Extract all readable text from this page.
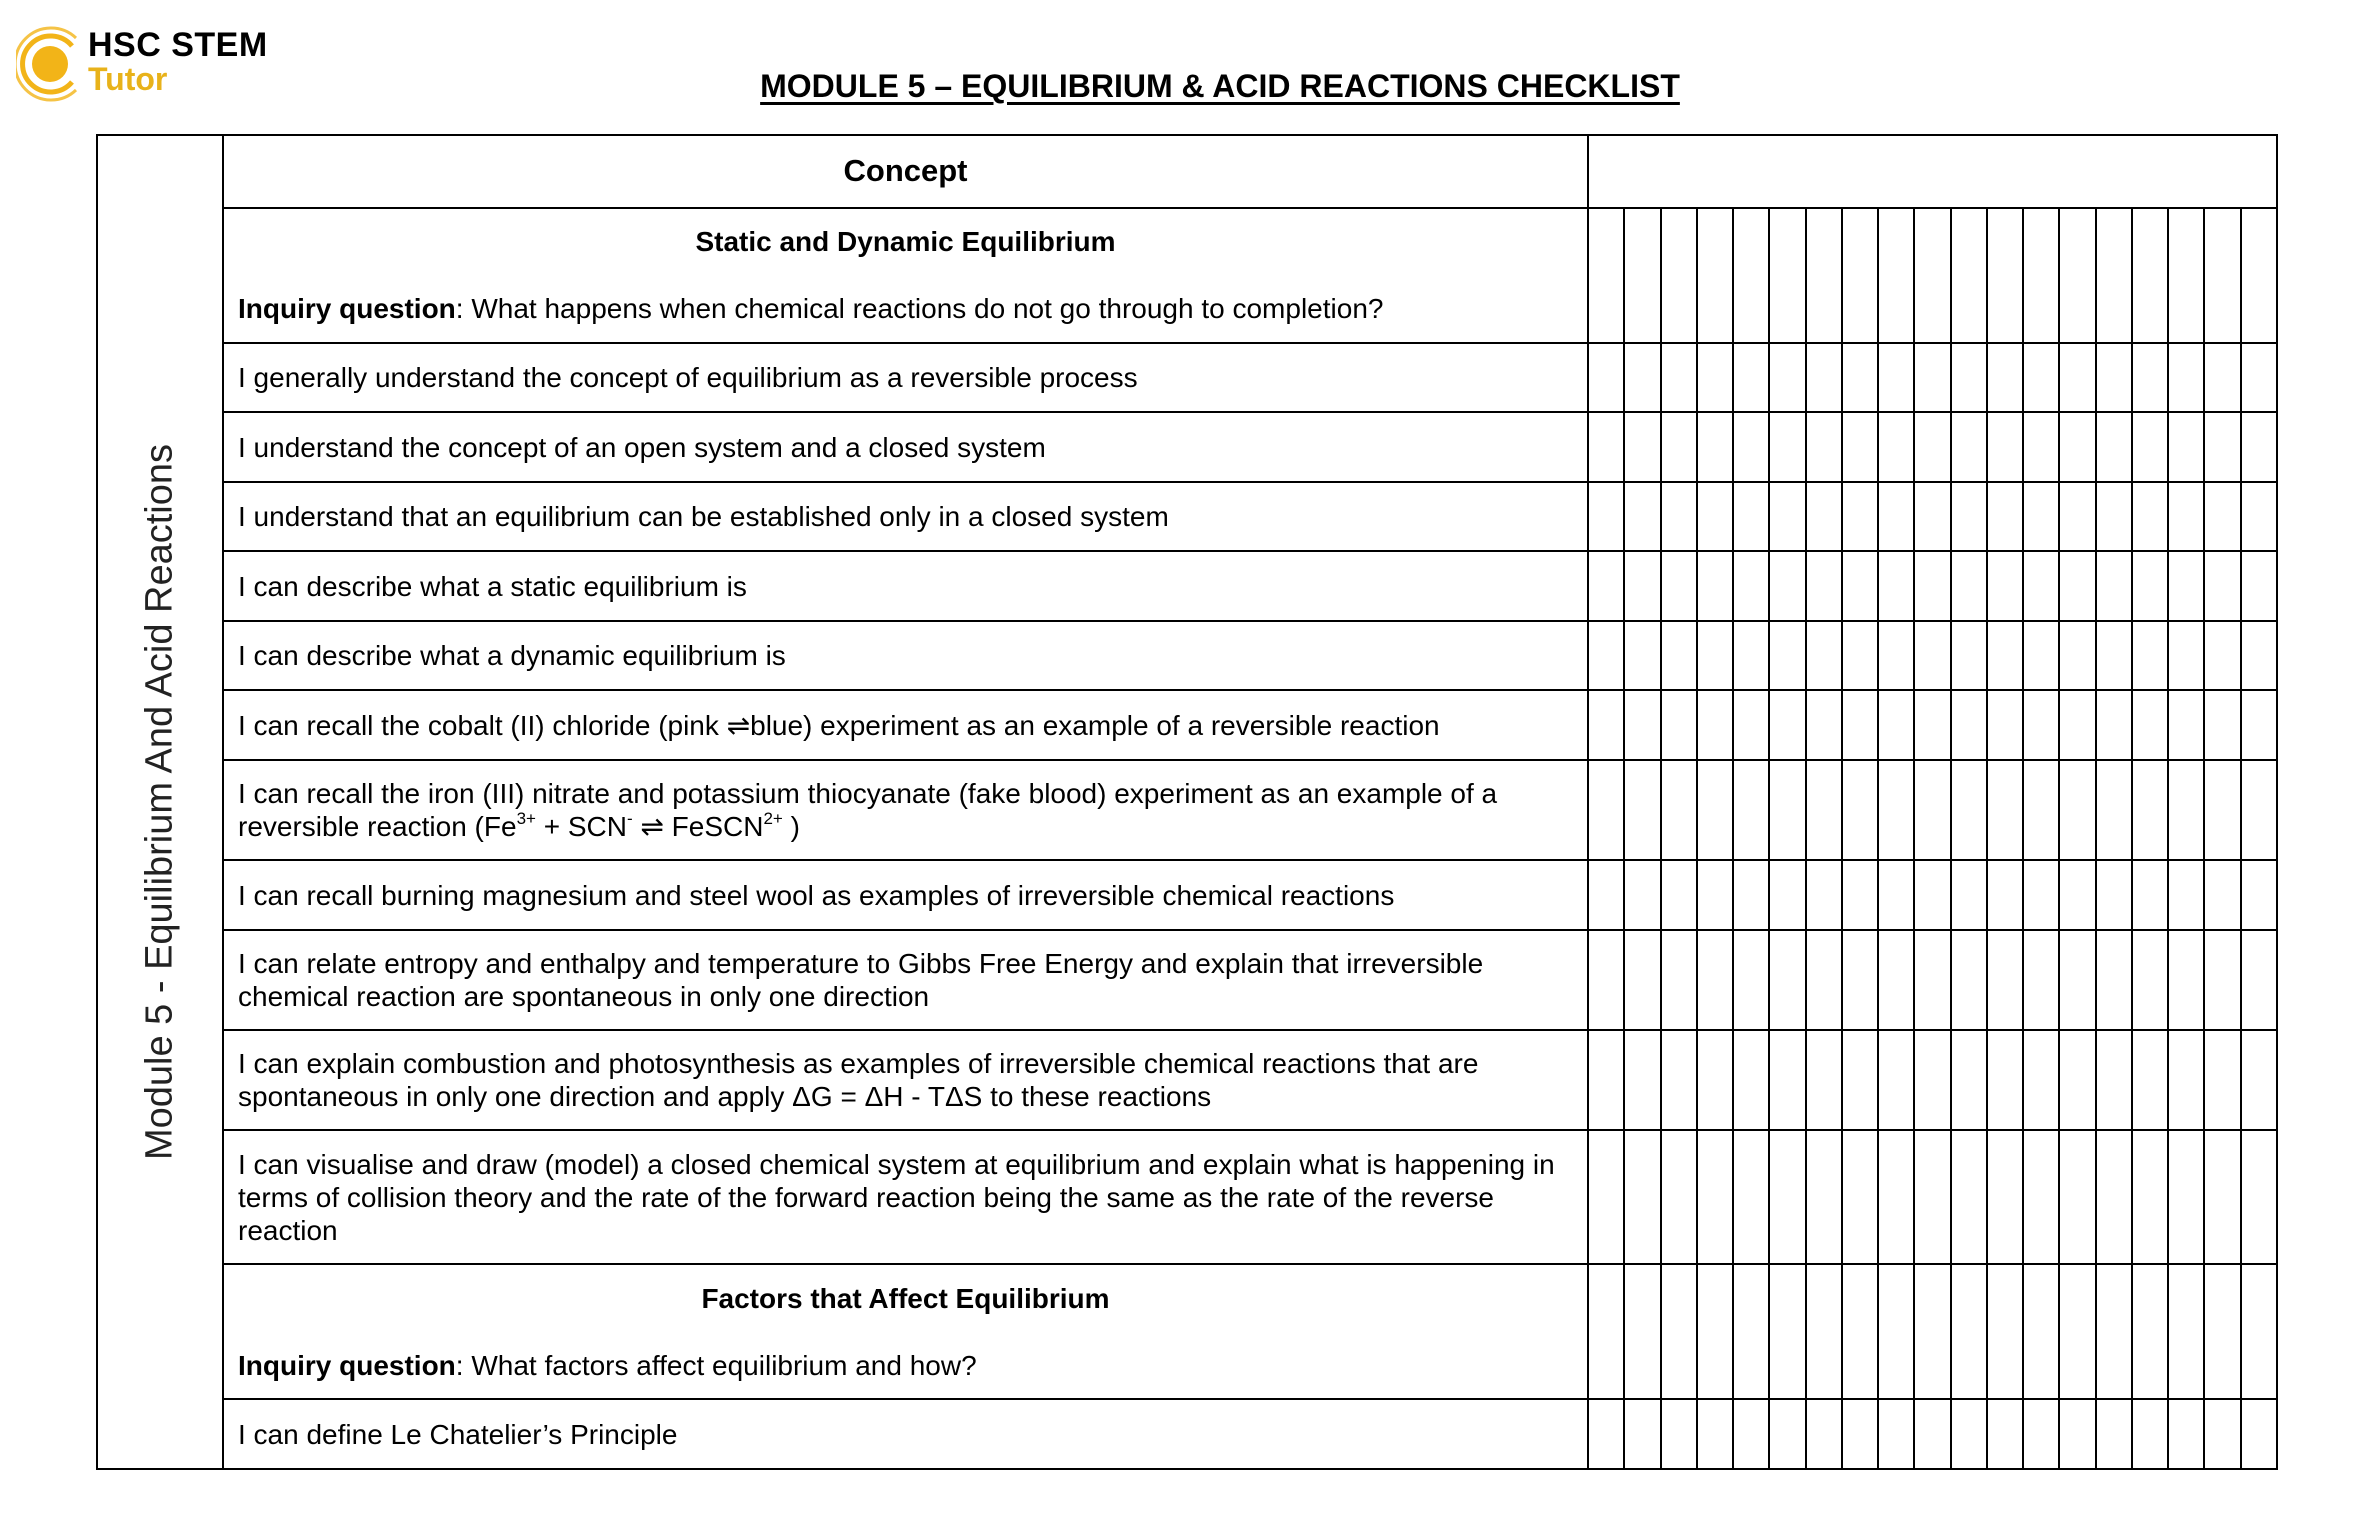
HSC STEM
Tutor	MODULE 5 – EQUILIBRIUM & ACID REACTIONS CHECKLIST
Module 5 - Equilibrium And Acid Reactions	Concept																			

	Static and Dynamic Equilibrium
Inquiry question: What happens when chemical reactions do not go through to completion?																			

	I generally understand the concept of equilibrium as a reversible process																			
	I understand the concept of an open system and a closed system																			
	I understand that an equilibrium can be established only in a closed system																			
	I can describe what a static equilibrium is																			
	I can describe what a dynamic equilibrium is																			
	I can recall the cobalt (II) chloride (pink ⇌blue) experiment as an example of a reversible reaction																			
	I can recall the iron (III) nitrate and potassium thiocyanate (fake blood) experiment as an example of a reversible reaction ($Fe^{3+} + SCN^-$ ⇌ FeSCN$^{2+}$ )																			
	I can recall burning magnesium and steel wool as examples of irreversible chemical reactions																			
	I can relate entropy and enthalpy and temperature to Gibbs Free Energy and explain that irreversible chemical reaction are spontaneous in only one direction																			
	I can explain combustion and photosynthesis as examples of irreversible chemical reactions that are spontaneous in only one direction and apply ΔG = ΔH - TΔS to these reactions																			
	I can visualise and draw (model) a closed chemical system at equilibrium and explain what is happening in terms of collision theory and the rate of the forward reaction being the same as the rate of the reverse reaction																			

	Factors that Affect Equilibrium
Inquiry question: What factors affect equilibrium and how?																			

	I can define Le Chatelier’s Principle																			
